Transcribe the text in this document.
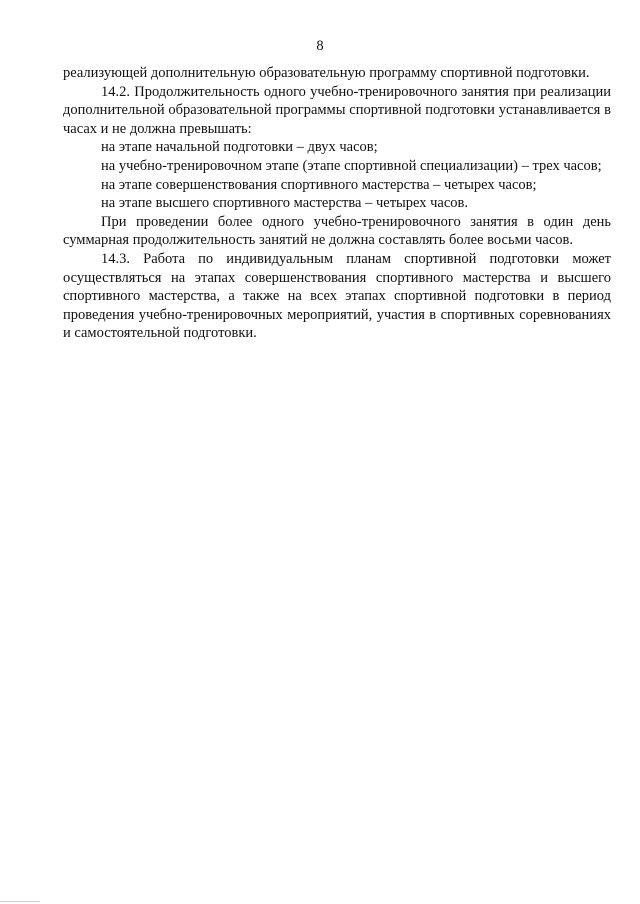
8

реализующей дополнительную образовательную программу спортивной подготовки.

14.2. Продолжительность одного учебно-тренировочного занятия при реализации дополнительной образовательной программы спортивной подготовки устанавливается в часах и не должна превышать:

на этапе начальной подготовки – двух часов;

на учебно-тренировочном этапе (этапе спортивной специализации) – трех часов;

на этапе совершенствования спортивного мастерства – четырех часов;

на этапе высшего спортивного мастерства – четырех часов.

При проведении более одного учебно-тренировочного занятия в один день суммарная продолжительность занятий не должна составлять более восьми часов.

14.3. Работа по индивидуальным планам спортивной подготовки может осуществляться на этапах совершенствования спортивного мастерства и высшего спортивного мастерства, а также на всех этапах спортивной подготовки в период проведения учебно-тренировочных мероприятий, участия в спортивных соревнованиях и самостоятельной подготовки.
